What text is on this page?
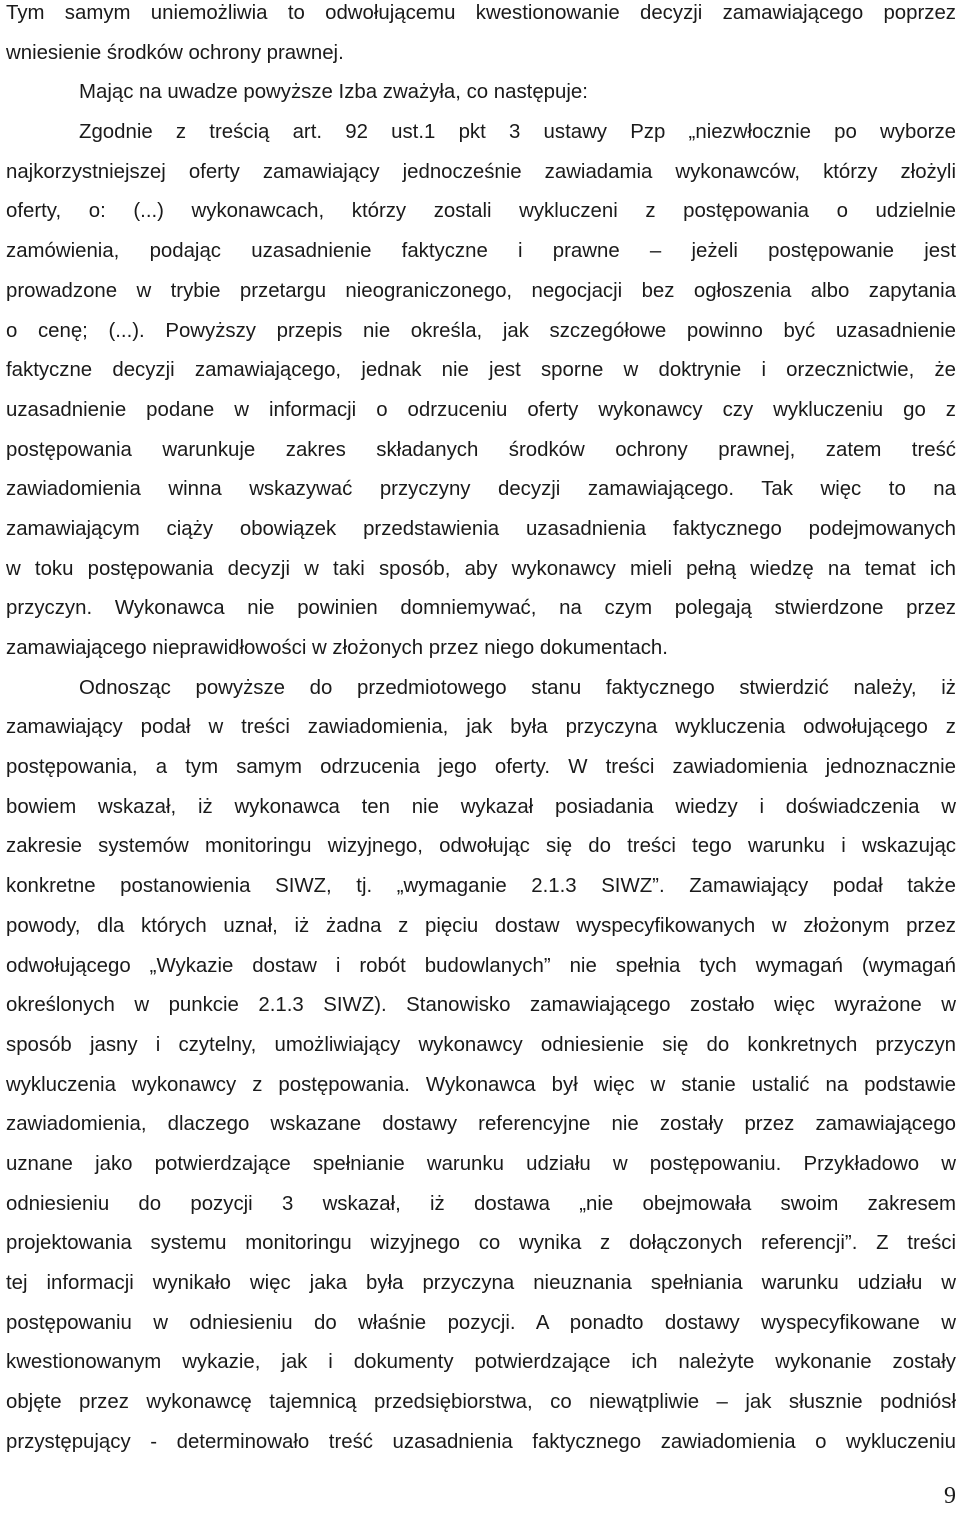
Tym samym uniemożliwia to odwołującemu kwestionowanie decyzji zamawiającego poprzez
wniesienie środków ochrony prawnej.
Mając na uwadze powyższe Izba zważyła, co następuje:
Zgodnie z treścią art. 92 ust.1 pkt 3 ustawy Pzp „niezwłocznie po wyborze
najkorzystniejszej oferty zamawiający jednocześnie zawiadamia wykonawców, którzy złożyli
oferty, o: (...) wykonawcach, którzy zostali wykluczeni z postępowania o udzielnie
zamówienia, podając uzasadnienie faktyczne i prawne – jeżeli postępowanie jest
prowadzone w trybie przetargu nieograniczonego, negocjacji bez ogłoszenia albo zapytania
o cenę; (...). Powyższy przepis nie określa, jak szczegółowe powinno być uzasadnienie
faktyczne decyzji zamawiającego, jednak nie jest sporne w doktrynie i orzecznictwie, że
uzasadnienie podane w informacji o odrzuceniu oferty wykonawcy czy wykluczeniu go z
postępowania warunkuje zakres składanych środków ochrony prawnej, zatem treść
zawiadomienia winna wskazywać przyczyny decyzji zamawiającego. Tak więc to na
zamawiającym ciąży obowiązek przedstawienia uzasadnienia faktycznego podejmowanych
w toku postępowania decyzji w taki sposób, aby wykonawcy mieli pełną wiedzę na temat ich
przyczyn. Wykonawca nie powinien domniemywać, na czym polegają stwierdzone przez
zamawiającego nieprawidłowości w złożonych przez niego dokumentach.
Odnosząc powyższe do przedmiotowego stanu faktycznego stwierdzić należy, iż
zamawiający podał w treści zawiadomienia, jak była przyczyna wykluczenia odwołującego z
postępowania, a tym samym odrzucenia jego oferty. W treści zawiadomienia jednoznacznie
bowiem wskazał, iż wykonawca ten nie wykazał posiadania wiedzy i doświadczenia w
zakresie systemów monitoringu wizyjnego, odwołując się do treści tego warunku i wskazując
konkretne postanowienia SIWZ, tj. „wymaganie 2.1.3 SIWZ”. Zamawiający podał także
powody, dla których uznał, iż żadna z pięciu dostaw wyspecyfikowanych w złożonym przez
odwołującego „Wykazie dostaw i robót budowlanych” nie spełnia tych wymagań (wymagań
określonych w punkcie 2.1.3 SIWZ). Stanowisko zamawiającego zostało więc wyrażone w
sposób jasny i czytelny, umożliwiający wykonawcy odniesienie się do konkretnych przyczyn
wykluczenia wykonawcy z postępowania. Wykonawca był więc w stanie ustalić na podstawie
zawiadomienia, dlaczego wskazane dostawy referencyjne nie zostały przez zamawiającego
uznane jako potwierdzające spełnianie warunku udziału w postępowaniu. Przykładowo w
odniesieniu do pozycji 3 wskazał, iż dostawa „nie obejmowała swoim zakresem
projektowania systemu monitoringu wizyjnego co wynika z dołączonych referencji”. Z treści
tej informacji wynikało więc jaka była przyczyna nieuznania spełniania warunku udziału w
postępowaniu w odniesieniu do właśnie pozycji. A ponadto dostawy wyspecyfikowane w
kwestionowanym wykazie, jak i dokumenty potwierdzające ich należyte wykonanie zostały
objęte przez wykonawcę tajemnicą przedsiębiorstwa, co niewątpliwie – jak słusznie podniósł
przystępujący - determinowało treść uzasadnienia faktycznego zawiadomienia o wykluczeniu
9
